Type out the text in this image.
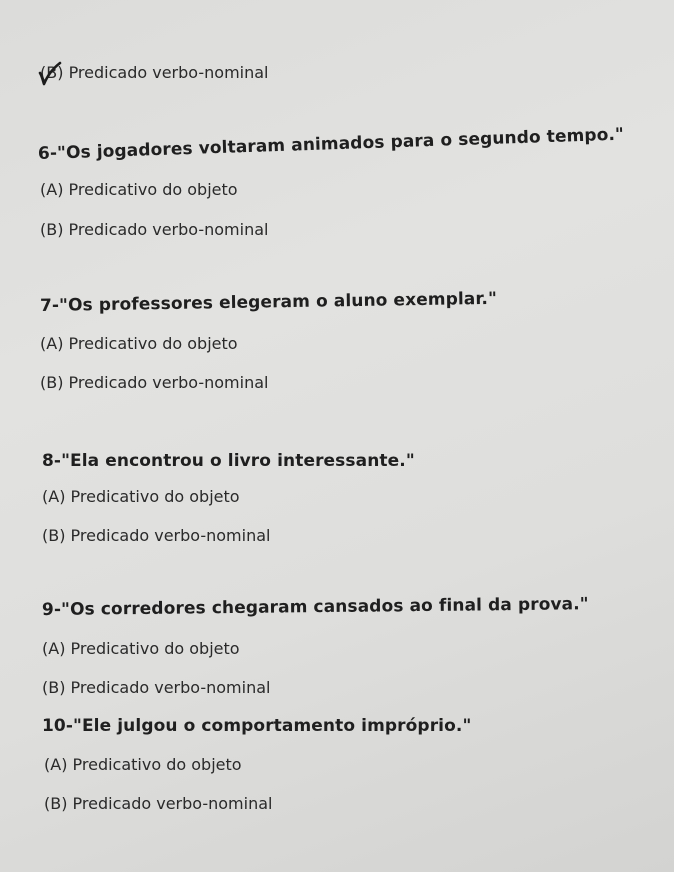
(B) Predicado verbo-nominal
6-"Os jogadores voltaram animados para o segundo tempo."
(A) Predicativo do objeto
(B) Predicado verbo-nominal
7-"Os professores elegeram o aluno exemplar."
(A) Predicativo do objeto
(B) Predicado verbo-nominal
8-"Ela encontrou o livro interessante."
(A) Predicativo do objeto
(B) Predicado verbo-nominal
9-"Os corredores chegaram cansados ao final da prova."
(A) Predicativo do objeto
(B) Predicado verbo-nominal
10-"Ele julgou o comportamento impróprio."
(A) Predicativo do objeto
(B) Predicado verbo-nominal
